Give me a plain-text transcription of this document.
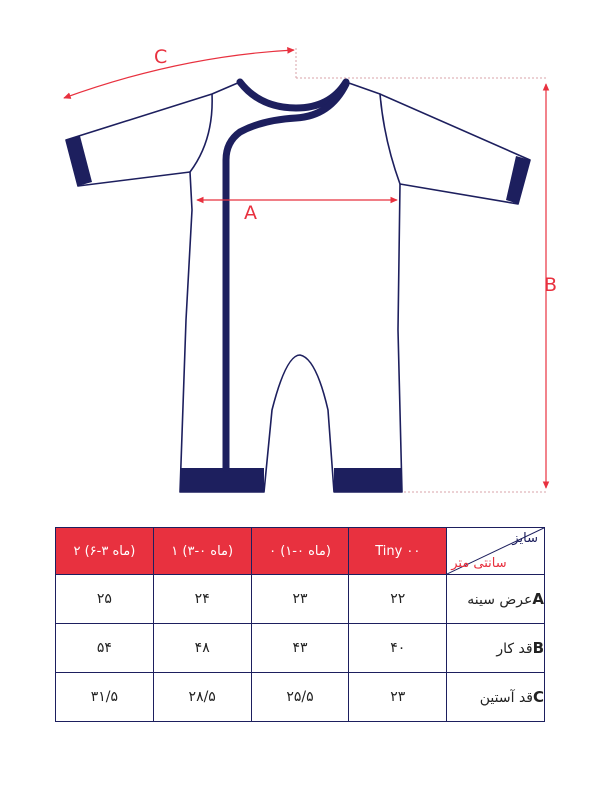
A
B
C
۲ (۶-۳ ماه)	۱ (۳-۰ ماه)	۰ (۱-۰ ماه)	Tiny ۰۰	سایز
سانتی متر

۲۵	۲۴	۲۳	۲۲	عرض سینهA
۵۴	۴۸	۴۳	۴۰	قد کارB
۳۱/۵	۲۸/۵	۲۵/۵	۲۳	قد آستینC
